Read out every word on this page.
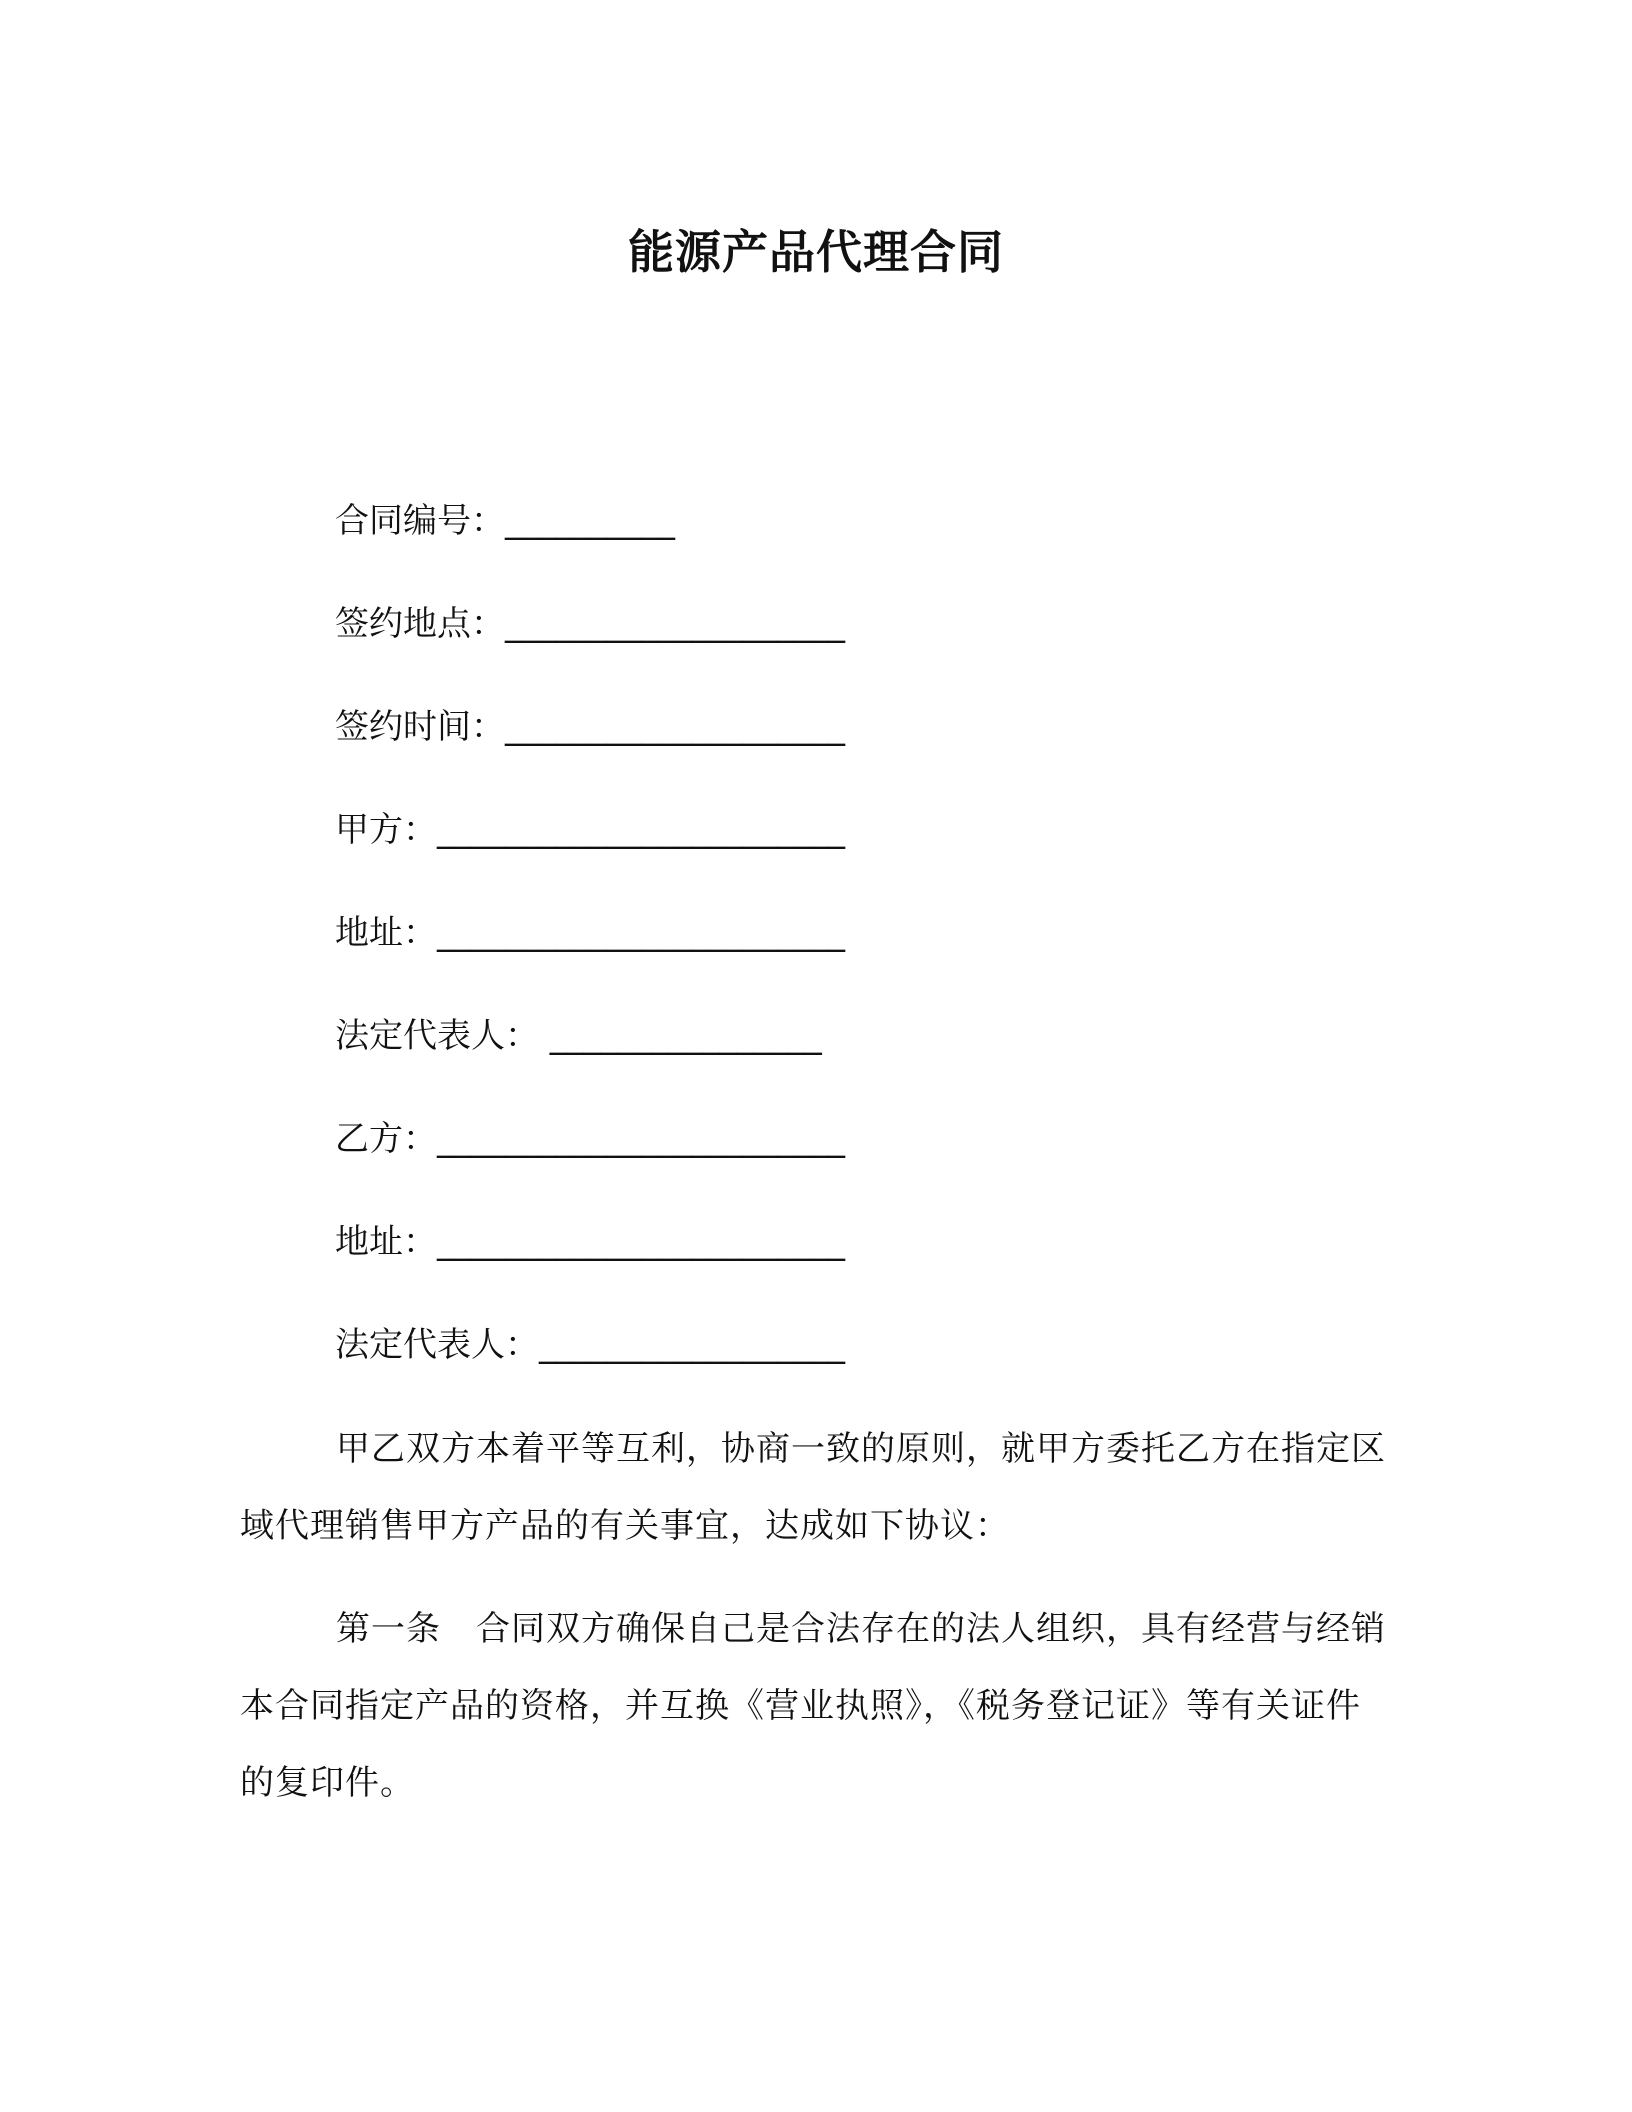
能源产品代理合同
合同编号：__________
签约地点：____________________
签约时间：____________________
甲方：________________________
地址：________________________
法定代表人： ________________
乙方：________________________
地址：________________________
法定代表人：__________________
甲乙双方本着平等互利，协商一致的原则，就甲方委托乙方在指定区域代理销售甲方产品的有关事宜，达成如下协议：
第一条　合同双方确保自己是合法存在的法人组织，具有经营与经销本合同指定产品的资格，并互换《营业执照》，《税务登记证》等有关证件的复印件。
